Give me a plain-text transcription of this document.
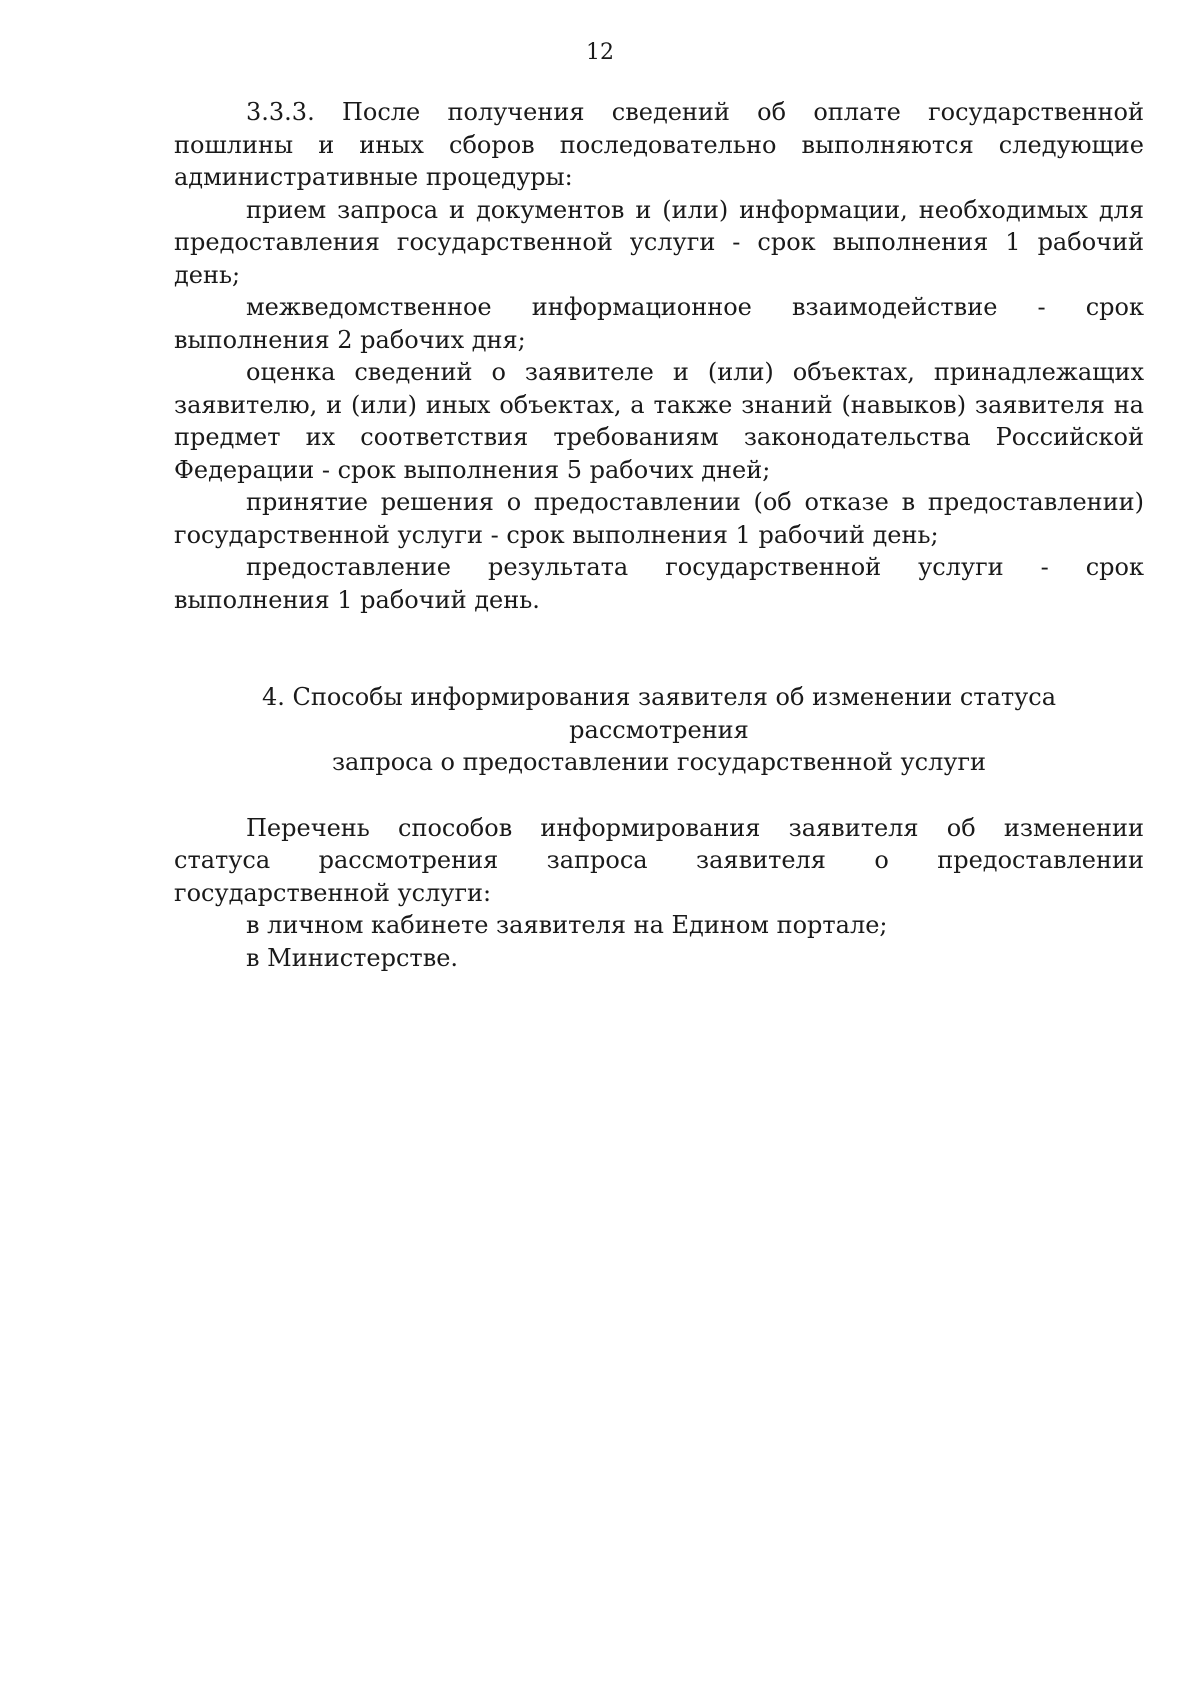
12

3.3.3. После получения сведений об оплате государственной пошлины и иных сборов последовательно выполняются следующие административные процедуры:

прием запроса и документов и (или) информации, необходимых для предоставления государственной услуги - срок выполнения 1 рабочий день;

межведомственное информационное взаимодействие - срок выполнения 2 рабочих дня;

оценка сведений о заявителе и (или) объектах, принадлежащих заявителю, и (или) иных объектах, а также знаний (навыков) заявителя на предмет их соответствия требованиям законодательства Российской Федерации - срок выполнения 5 рабочих дней;

принятие решения о предоставлении (об отказе в предоставлении) государственной услуги - срок выполнения 1 рабочий день;

предоставление результата государственной услуги - срок выполнения 1 рабочий день.

4. Способы информирования заявителя об изменении статуса рассмотрения
запроса о предоставлении государственной услуги

Перечень способов информирования заявителя об изменении статуса рассмотрения запроса заявителя о предоставлении государственной услуги:

в личном кабинете заявителя на Едином портале;

в Министерстве.
